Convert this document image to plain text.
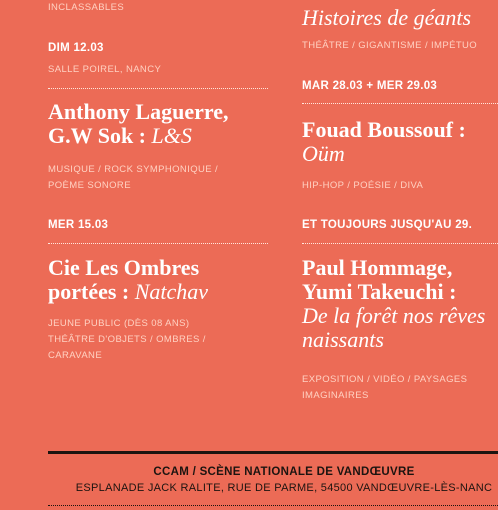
INCLASSABLES
DIM 12.03
SALLE POIREL, NANCY
Anthony Laguerre,
G.W Sok : L&S
MUSIQUE / ROCK SYMPHONIQUE /
POÈME SONORE
MER 15.03
Cie Les Ombres
portées : Natchav
JEUNE PUBLIC (DÈS 08 ANS)
THÉÂTRE D'OBJETS / OMBRES /
CARAVANE
Histoires de géants
THÉÂTRE / GIGANTISME / IMPÉTUO
MAR 28.03 + MER 29.03
Fouad Boussouf :
Oüm
HIP-HOP / POÉSIE / DIVA
ET TOUJOURS JUSQU'AU 29.
Paul Hommage,
Yumi Takeuchi :
De la forêt nos rêves
naissants
EXPOSITION / VIDÉO / PAYSAGES
IMAGINAIRES
CCAM / SCÈNE NATIONALE DE VANDŒUVRE
ESPLANADE JACK RALITE, RUE DE PARME, 54500 VANDŒUVRE-LÈS-NANC
